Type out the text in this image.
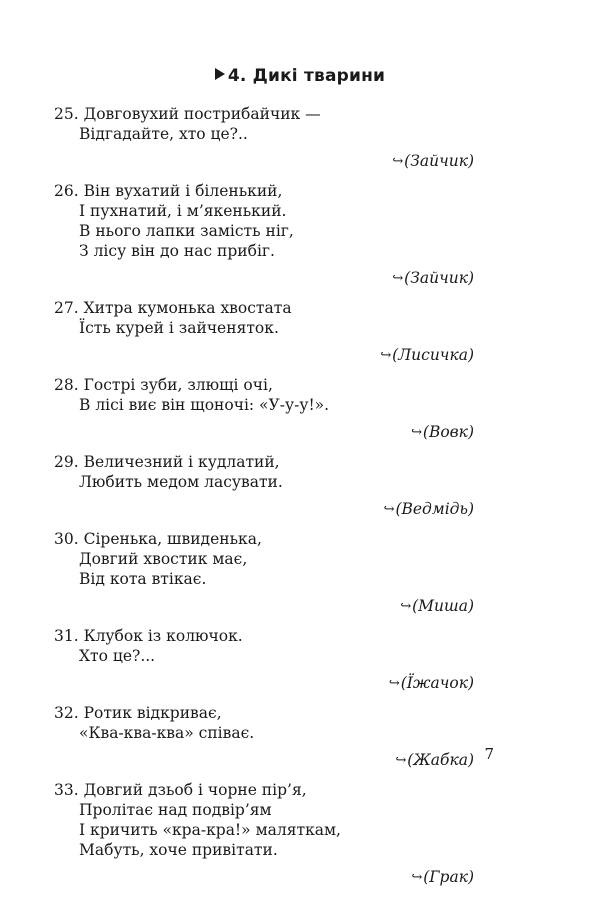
4. Дикі тварини
25. Довговухий пострибайчик —
Відгадайте, хто це?..
↪(Зайчик)
26. Він вухатий і біленький,
І пухнатий, і м’якенький.
В нього лапки замість ніг,
З лісу він до нас прибіг.
↪(Зайчик)
27. Хитра кумонька хвостата
Їсть курей і зайченяток.
↪(Лисичка)
28. Гострі зуби, злющі очі,
В лісі виє він щоночі: «У-у-у!».
↪(Вовк)
29. Величезний і кудлатий,
Любить медом ласувати.
↪(Ведмідь)
30. Сіренька, швиденька,
Довгий хвостик має,
Від кота втікає.
↪(Миша)
31. Клубок із колючок.
Хто це?...
↪(Їжачок)
32. Ротик відкриває,
«Ква-ква-ква» співає.
↪(Жабка)
33. Довгий дзьоб і чорне пір’я,
Пролітає над подвір’ям
І кричить «кра-кра!» маляткам,
Мабуть, хоче привітати.
↪(Грак)
7
